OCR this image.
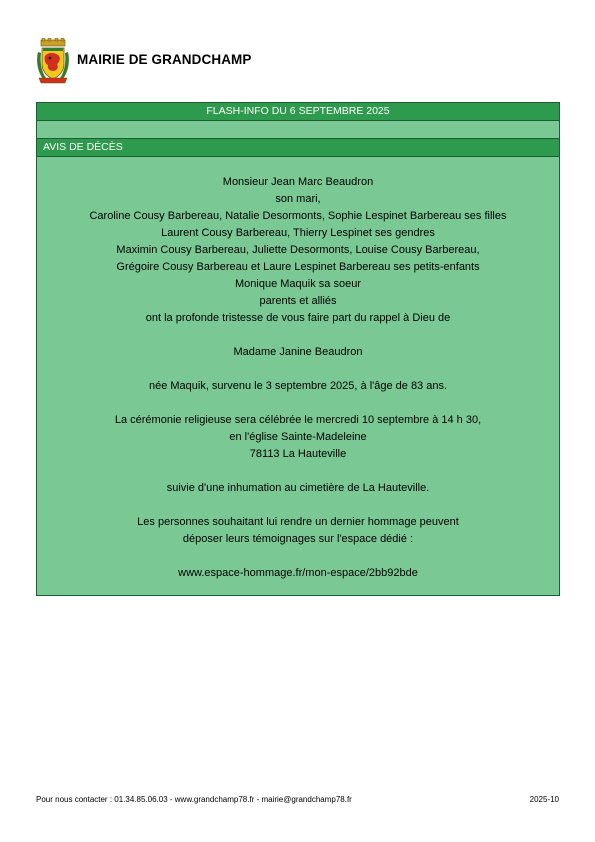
MAIRIE DE GRANDCHAMP
FLASH-INFO DU 6 SEPTEMBRE 2025
AVIS DE DÉCÈS
Monsieur Jean Marc Beaudron
son mari,
Caroline Cousy Barbereau, Natalie Desormonts, Sophie Lespinet Barbereau ses filles
Laurent Cousy Barbereau, Thierry Lespinet ses gendres
Maximin Cousy Barbereau, Juliette Desormonts, Louise Cousy Barbereau,
Grégoire Cousy Barbereau et Laure Lespinet Barbereau ses petits-enfants
Monique Maquik sa soeur
parents et alliés
ont la profonde tristesse de vous faire part du rappel à Dieu de
Madame Janine Beaudron
née Maquik, survenu le 3 septembre 2025, à l'âge de 83 ans.
La cérémonie religieuse sera célébrée le mercredi 10 septembre à 14 h 30,
en l'église Sainte-Madeleine
78113 La Hauteville
suivie d'une inhumation au cimetière de La Hauteville.
Les personnes souhaitant lui rendre un dernier hommage peuvent
déposer leurs témoignages sur l'espace dédié :
www.espace-hommage.fr/mon-espace/2bb92bde
Pour nous contacter : 01.34.85.06.03 - www.grandchamp78.fr - mairie@grandchamp78.fr	2025-10
